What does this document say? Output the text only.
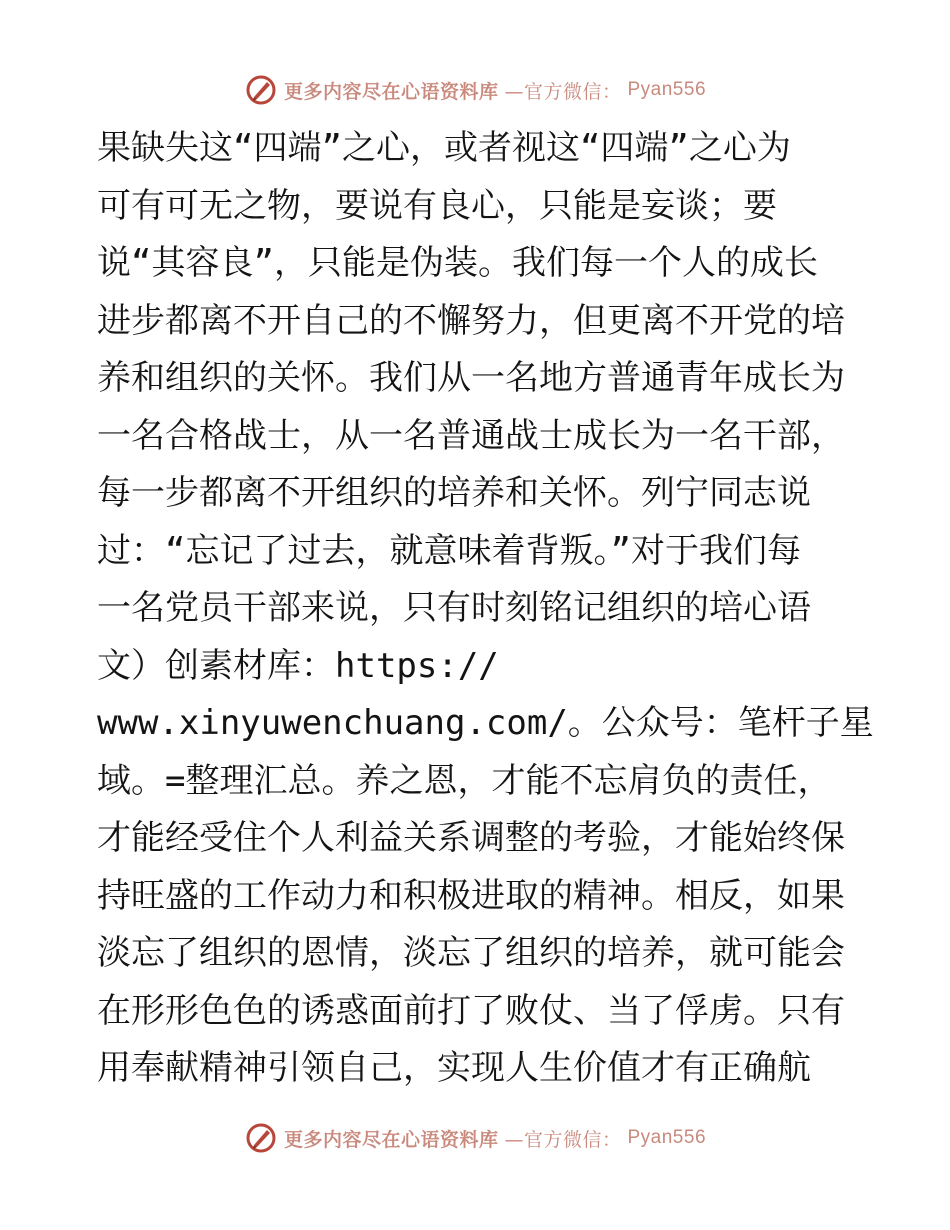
更多内容尽在心语资料库 —官方微信： Pyan556
果缺失这“四端”之心，或者视这“四端”之心为
可有可无之物，要说有良心，只能是妄谈；要
说“其容良”，只能是伪装。我们每一个人的成长
进步都离不开自己的不懈努力，但更离不开党的培
养和组织的关怀。我们从一名地方普通青年成长为
一名合格战士，从一名普通战士成长为一名干部，
每一步都离不开组织的培养和关怀。列宁同志说
过：“忘记了过去，就意味着背叛。”对于我们每
一名党员干部来说，只有时刻铭记组织的培心语
文）创素材库：https://
www.xinyuwenchuang.com/。公众号：笔杆子星
域。=整理汇总。养之恩，才能不忘肩负的责任，
才能经受住个人利益关系调整的考验，才能始终保
持旺盛的工作动力和积极进取的精神。相反，如果
淡忘了组织的恩情，淡忘了组织的培养，就可能会
在形形色色的诱惑面前打了败仗、当了俘虏。只有
用奉献精神引领自己，实现人生价值才有正确航
更多内容尽在心语资料库 —官方微信： Pyan556
